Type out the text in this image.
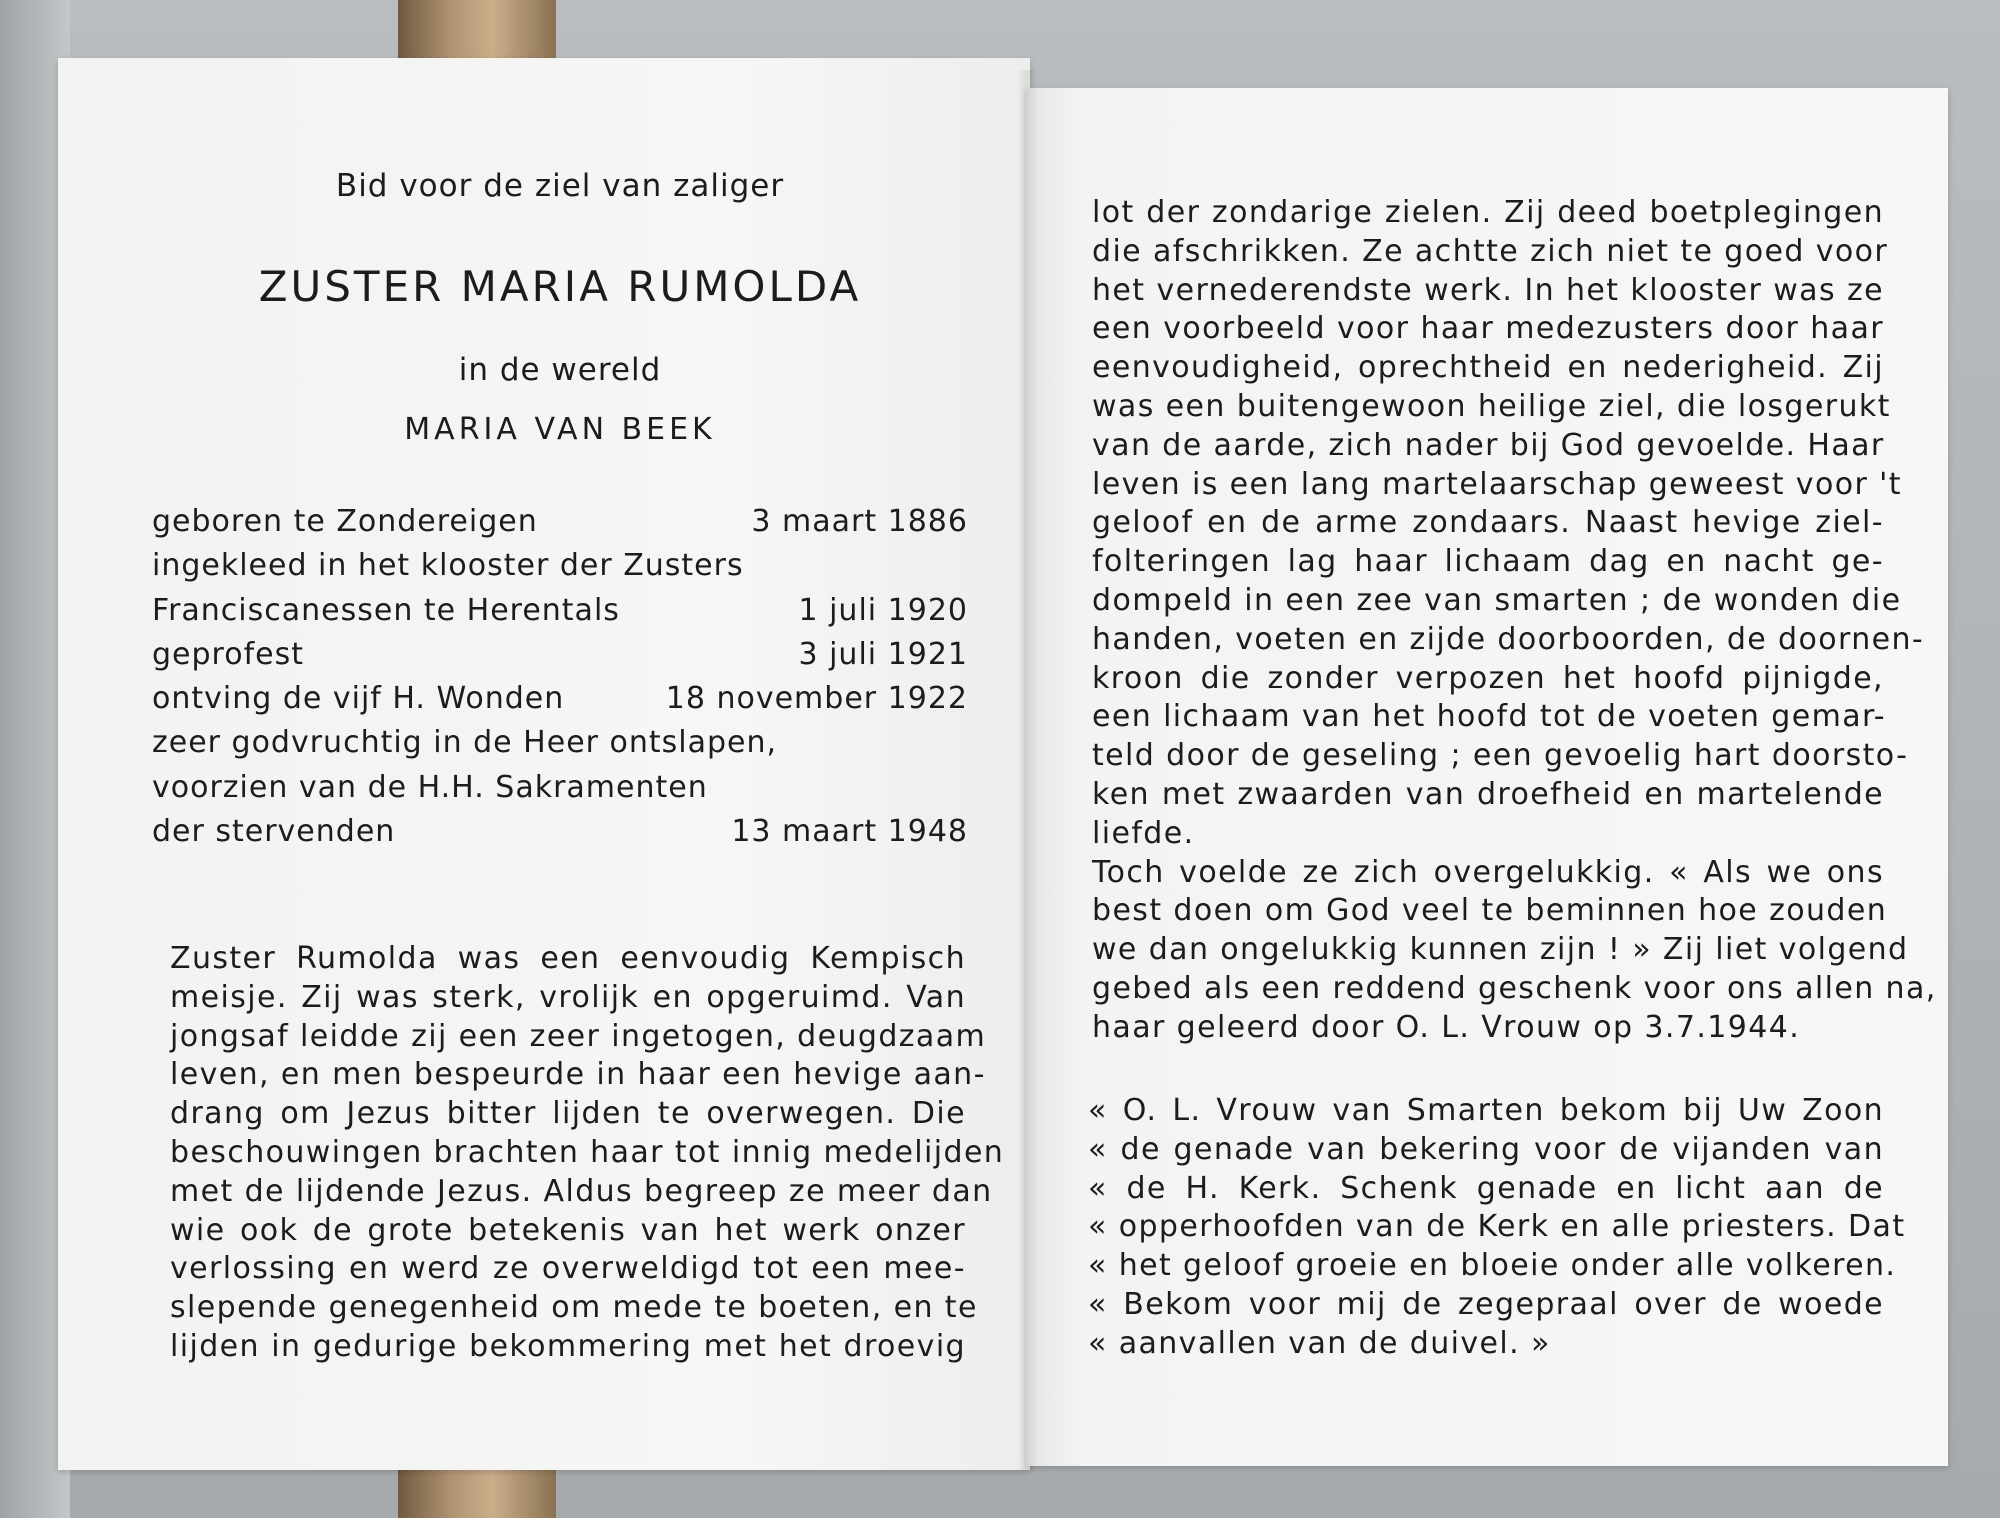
Bid voor de ziel van zaliger
ZUSTER MARIA RUMOLDA
in de wereld
MARIA VAN BEEK
geboren te Zondereigen	3 maart 1886
ingekleed in het klooster der Zusters
Franciscanessen te Herentals	1 juli 1920
geprofest	3 juli 1921
ontving de vijf H. Wonden	18 november 1922
zeer godvruchtig in de Heer ontslapen,
voorzien van de H.H. Sakramenten
der stervenden	13 maart 1948
Zuster Rumolda was een eenvoudig Kempisch
meisje. Zij was sterk, vrolijk en opgeruimd. Van
jongsaf leidde zij een zeer ingetogen, deugdzaam
leven, en men bespeurde in haar een hevige aan-
drang om Jezus bitter lijden te overwegen. Die
beschouwingen brachten haar tot innig medelijden
met de lijdende Jezus. Aldus begreep ze meer dan
wie ook de grote betekenis van het werk onzer
verlossing en werd ze overweldigd tot een mee-
slepende genegenheid om mede te boeten, en te
lijden in gedurige bekommering met het droevig
lot der zondarige zielen. Zij deed boetplegingen
die afschrikken. Ze achtte zich niet te goed voor
het vernederendste werk. In het klooster was ze
een voorbeeld voor haar medezusters door haar
eenvoudigheid, oprechtheid en nederigheid. Zij
was een buitengewoon heilige ziel, die losgerukt
van de aarde, zich nader bij God gevoelde. Haar
leven is een lang martelaarschap geweest voor 't
geloof en de arme zondaars. Naast hevige ziel-
folteringen lag haar lichaam dag en nacht ge-
dompeld in een zee van smarten ; de wonden die
handen, voeten en zijde doorboorden, de doornen-
kroon die zonder verpozen het hoofd pijnigde,
een lichaam van het hoofd tot de voeten gemar-
teld door de geseling ; een gevoelig hart doorsto-
ken met zwaarden van droefheid en martelende
liefde.
Toch voelde ze zich overgelukkig. « Als we ons
best doen om God veel te beminnen hoe zouden
we dan ongelukkig kunnen zijn ! » Zij liet volgend
gebed als een reddend geschenk voor ons allen na,
haar geleerd door O. L. Vrouw op 3.7.1944.
« O. L. Vrouw van Smarten bekom bij Uw Zoon
« de genade van bekering voor de vijanden van
« de H. Kerk. Schenk genade en licht aan de
« opperhoofden van de Kerk en alle priesters. Dat
« het geloof groeie en bloeie onder alle volkeren.
« Bekom voor mij de zegepraal over de woede
« aanvallen van de duivel. »
